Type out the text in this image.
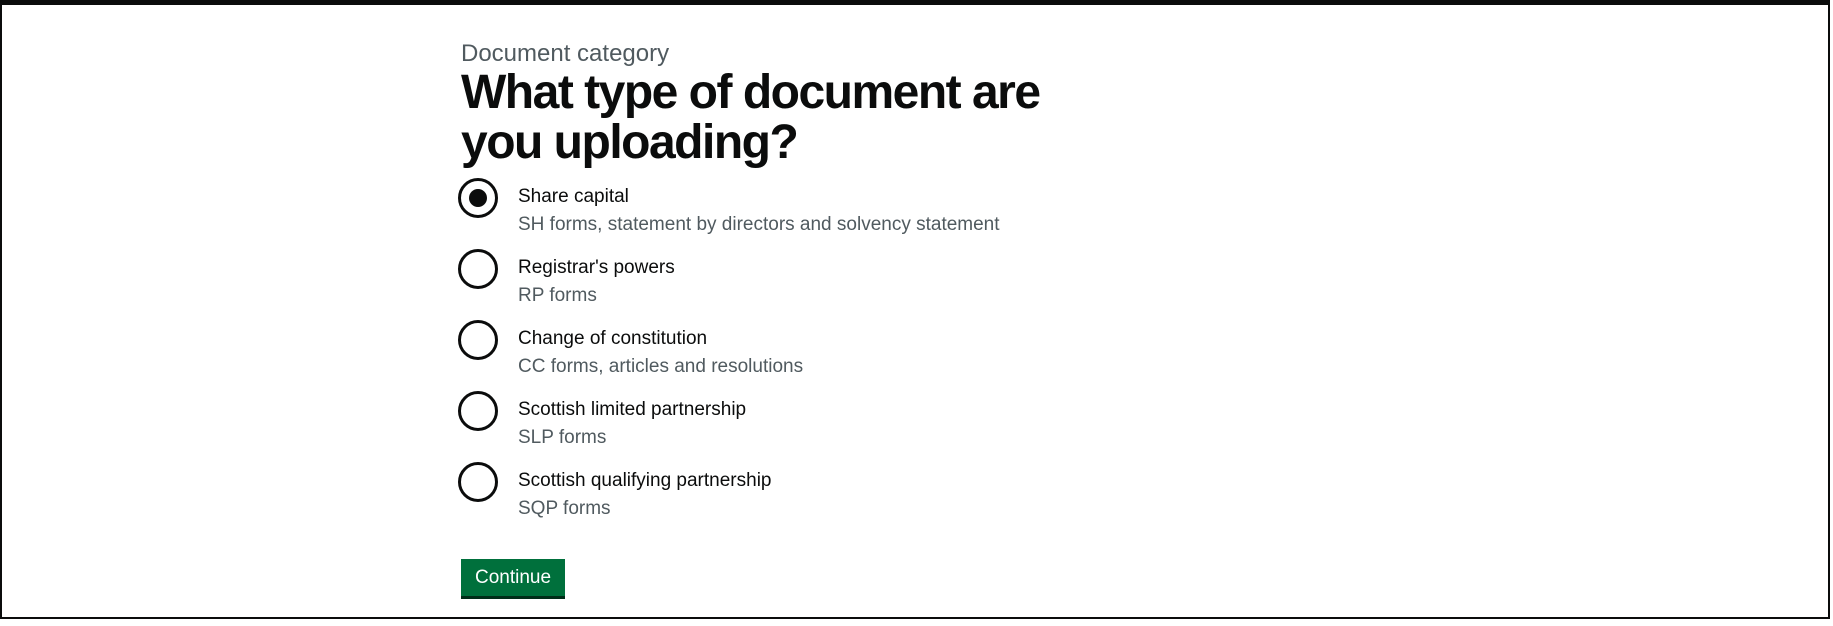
Document category
What type of document are you uploading?
Share capital
SH forms, statement by directors and solvency statement
Registrar's powers
RP forms
Change of constitution
CC forms, articles and resolutions
Scottish limited partnership
SLP forms
Scottish qualifying partnership
SQP forms
Continue
